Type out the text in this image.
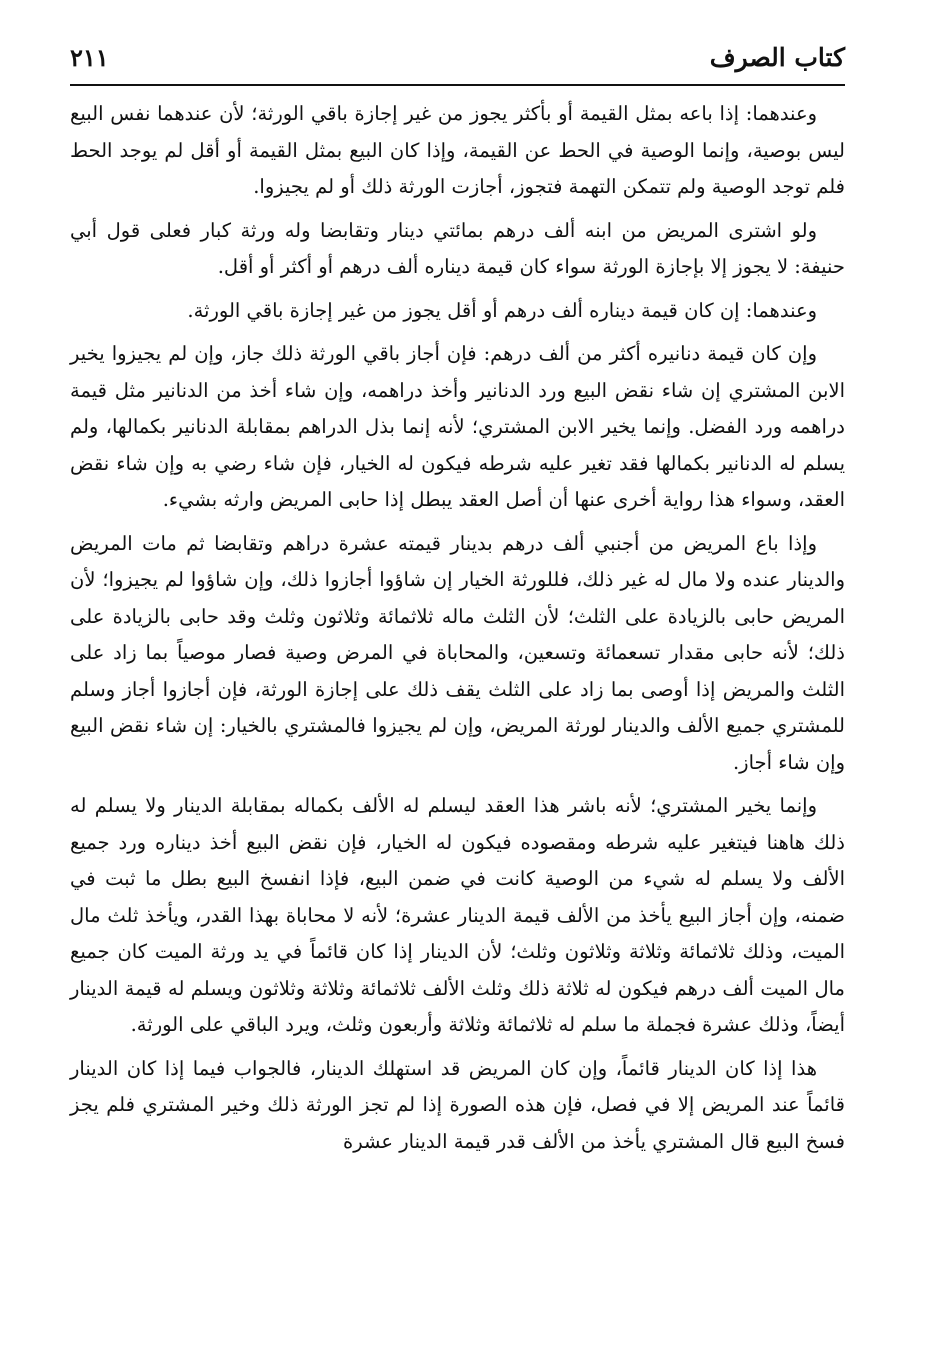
كتاب الصرف
٢١١

وعندهما: إذا باعه بمثل القيمة أو بأكثر يجوز من غير إجازة باقي الورثة؛ لأن عندهما نفس البيع ليس بوصية، وإنما الوصية في الحط عن القيمة، وإذا كان البيع بمثل القيمة أو أقل لم يوجد الحط فلم توجد الوصية ولم تتمكن التهمة فتجوز، أجازت الورثة ذلك أو لم يجيزوا.

ولو اشترى المريض من ابنه ألف درهم بمائتي دينار وتقابضا وله ورثة كبار فعلى قول أبي حنيفة: لا يجوز إلا بإجازة الورثة سواء كان قيمة ديناره ألف درهم أو أكثر أو أقل.

وعندهما: إن كان قيمة ديناره ألف درهم أو أقل يجوز من غير إجازة باقي الورثة.

وإن كان قيمة دنانيره أكثر من ألف درهم: فإن أجاز باقي الورثة ذلك جاز، وإن لم يجيزوا يخير الابن المشتري إن شاء نقض البيع ورد الدنانير وأخذ دراهمه، وإن شاء أخذ من الدنانير مثل قيمة دراهمه ورد الفضل. وإنما يخير الابن المشتري؛ لأنه إنما بذل الدراهم بمقابلة الدنانير بكمالها، ولم يسلم له الدنانير بكمالها فقد تغير عليه شرطه فيكون له الخيار، فإن شاء رضي به وإن شاء نقض العقد، وسواء هذا رواية أخرى عنها أن أصل العقد يبطل إذا حابى المريض وارثه بشيء.

وإذا باع المريض من أجنبي ألف درهم بدينار قيمته عشرة دراهم وتقابضا ثم مات المريض والدينار عنده ولا مال له غير ذلك، فللورثة الخيار إن شاؤوا أجازوا ذلك، وإن شاؤوا لم يجيزوا؛ لأن المريض حابى بالزيادة على الثلث؛ لأن الثلث ماله ثلاثمائة وثلاثون وثلث وقد حابى بالزيادة على ذلك؛ لأنه حابى مقدار تسعمائة وتسعين، والمحاباة في المرض وصية فصار موصياً بما زاد على الثلث والمريض إذا أوصى بما زاد على الثلث يقف ذلك على إجازة الورثة، فإن أجازوا أجاز وسلم للمشتري جميع الألف والدينار لورثة المريض، وإن لم يجيزوا فالمشتري بالخيار: إن شاء نقض البيع وإن شاء أجاز.

وإنما يخير المشتري؛ لأنه باشر هذا العقد ليسلم له الألف بكماله بمقابلة الدينار ولا يسلم له ذلك هاهنا فيتغير عليه شرطه ومقصوده فيكون له الخيار، فإن نقض البيع أخذ ديناره ورد جميع الألف ولا يسلم له شيء من الوصية كانت في ضمن البيع، فإذا انفسخ البيع بطل ما ثبت في ضمنه، وإن أجاز البيع يأخذ من الألف قيمة الدينار عشرة؛ لأنه لا محاباة بهذا القدر، ويأخذ ثلث مال الميت، وذلك ثلاثمائة وثلاثة وثلاثون وثلث؛ لأن الدينار إذا كان قائماً في يد ورثة الميت كان جميع مال الميت ألف درهم فيكون له ثلاثة ذلك وثلث الألف ثلاثمائة وثلاثة وثلاثون ويسلم له قيمة الدينار أيضاً، وذلك عشرة فجملة ما سلم له ثلاثمائة وثلاثة وأربعون وثلث، ويرد الباقي على الورثة.

هذا إذا كان الدينار قائماً، وإن كان المريض قد استهلك الدينار، فالجواب فيما إذا كان الدينار قائماً عند المريض إلا في فصل، فإن هذه الصورة إذا لم تجز الورثة ذلك وخير المشتري فلم يجز فسخ البيع قال المشتري يأخذ من الألف قدر قيمة الدينار عشرة
